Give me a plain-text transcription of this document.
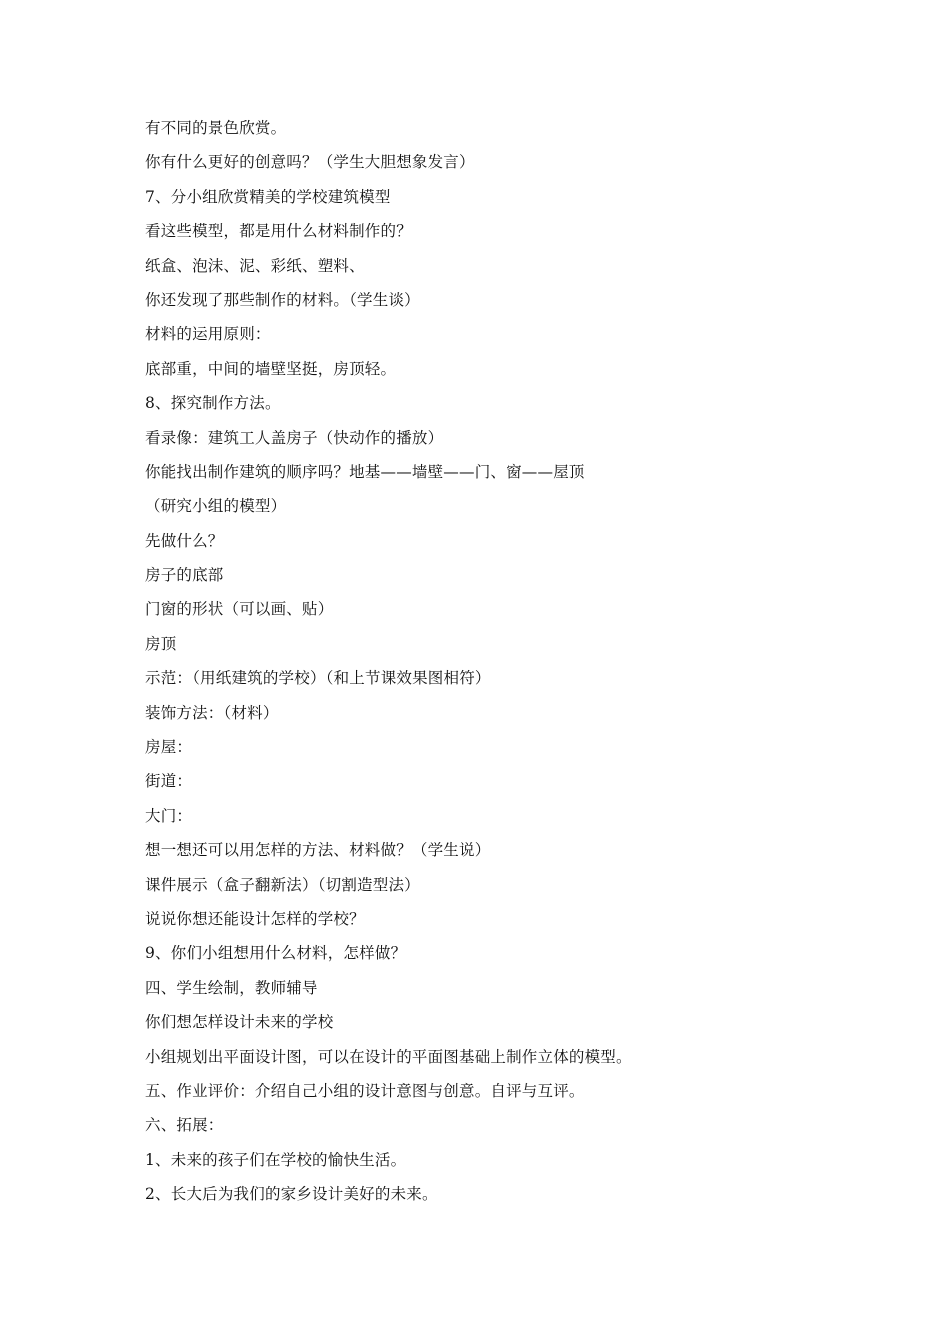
有不同的景色欣赏。
你有什么更好的创意吗？（学生大胆想象发言）
7、分小组欣赏精美的学校建筑模型
看这些模型，都是用什么材料制作的？
纸盒、泡沫、泥、彩纸、塑料、
你还发现了那些制作的材料。（学生谈）
材料的运用原则：
底部重，中间的墙壁坚挺，房顶轻。
8、探究制作方法。
看录像：建筑工人盖房子（快动作的播放）
你能找出制作建筑的顺序吗？地基——墙壁——门、窗——屋顶
（研究小组的模型）
先做什么？
房子的底部
门窗的形状（可以画、贴）
房顶
示范：（用纸建筑的学校）（和上节课效果图相符）
装饰方法：（材料）
房屋：
街道：
大门：
想一想还可以用怎样的方法、材料做？（学生说）
课件展示（盒子翻新法）（切割造型法）
说说你想还能设计怎样的学校？
9、你们小组想用什么材料，怎样做？
四、学生绘制，教师辅导
你们想怎样设计未来的学校
小组规划出平面设计图，可以在设计的平面图基础上制作立体的模型。
五、作业评价：介绍自己小组的设计意图与创意。自评与互评。
六、拓展：
1、未来的孩子们在学校的愉快生活。
2、长大后为我们的家乡设计美好的未来。
